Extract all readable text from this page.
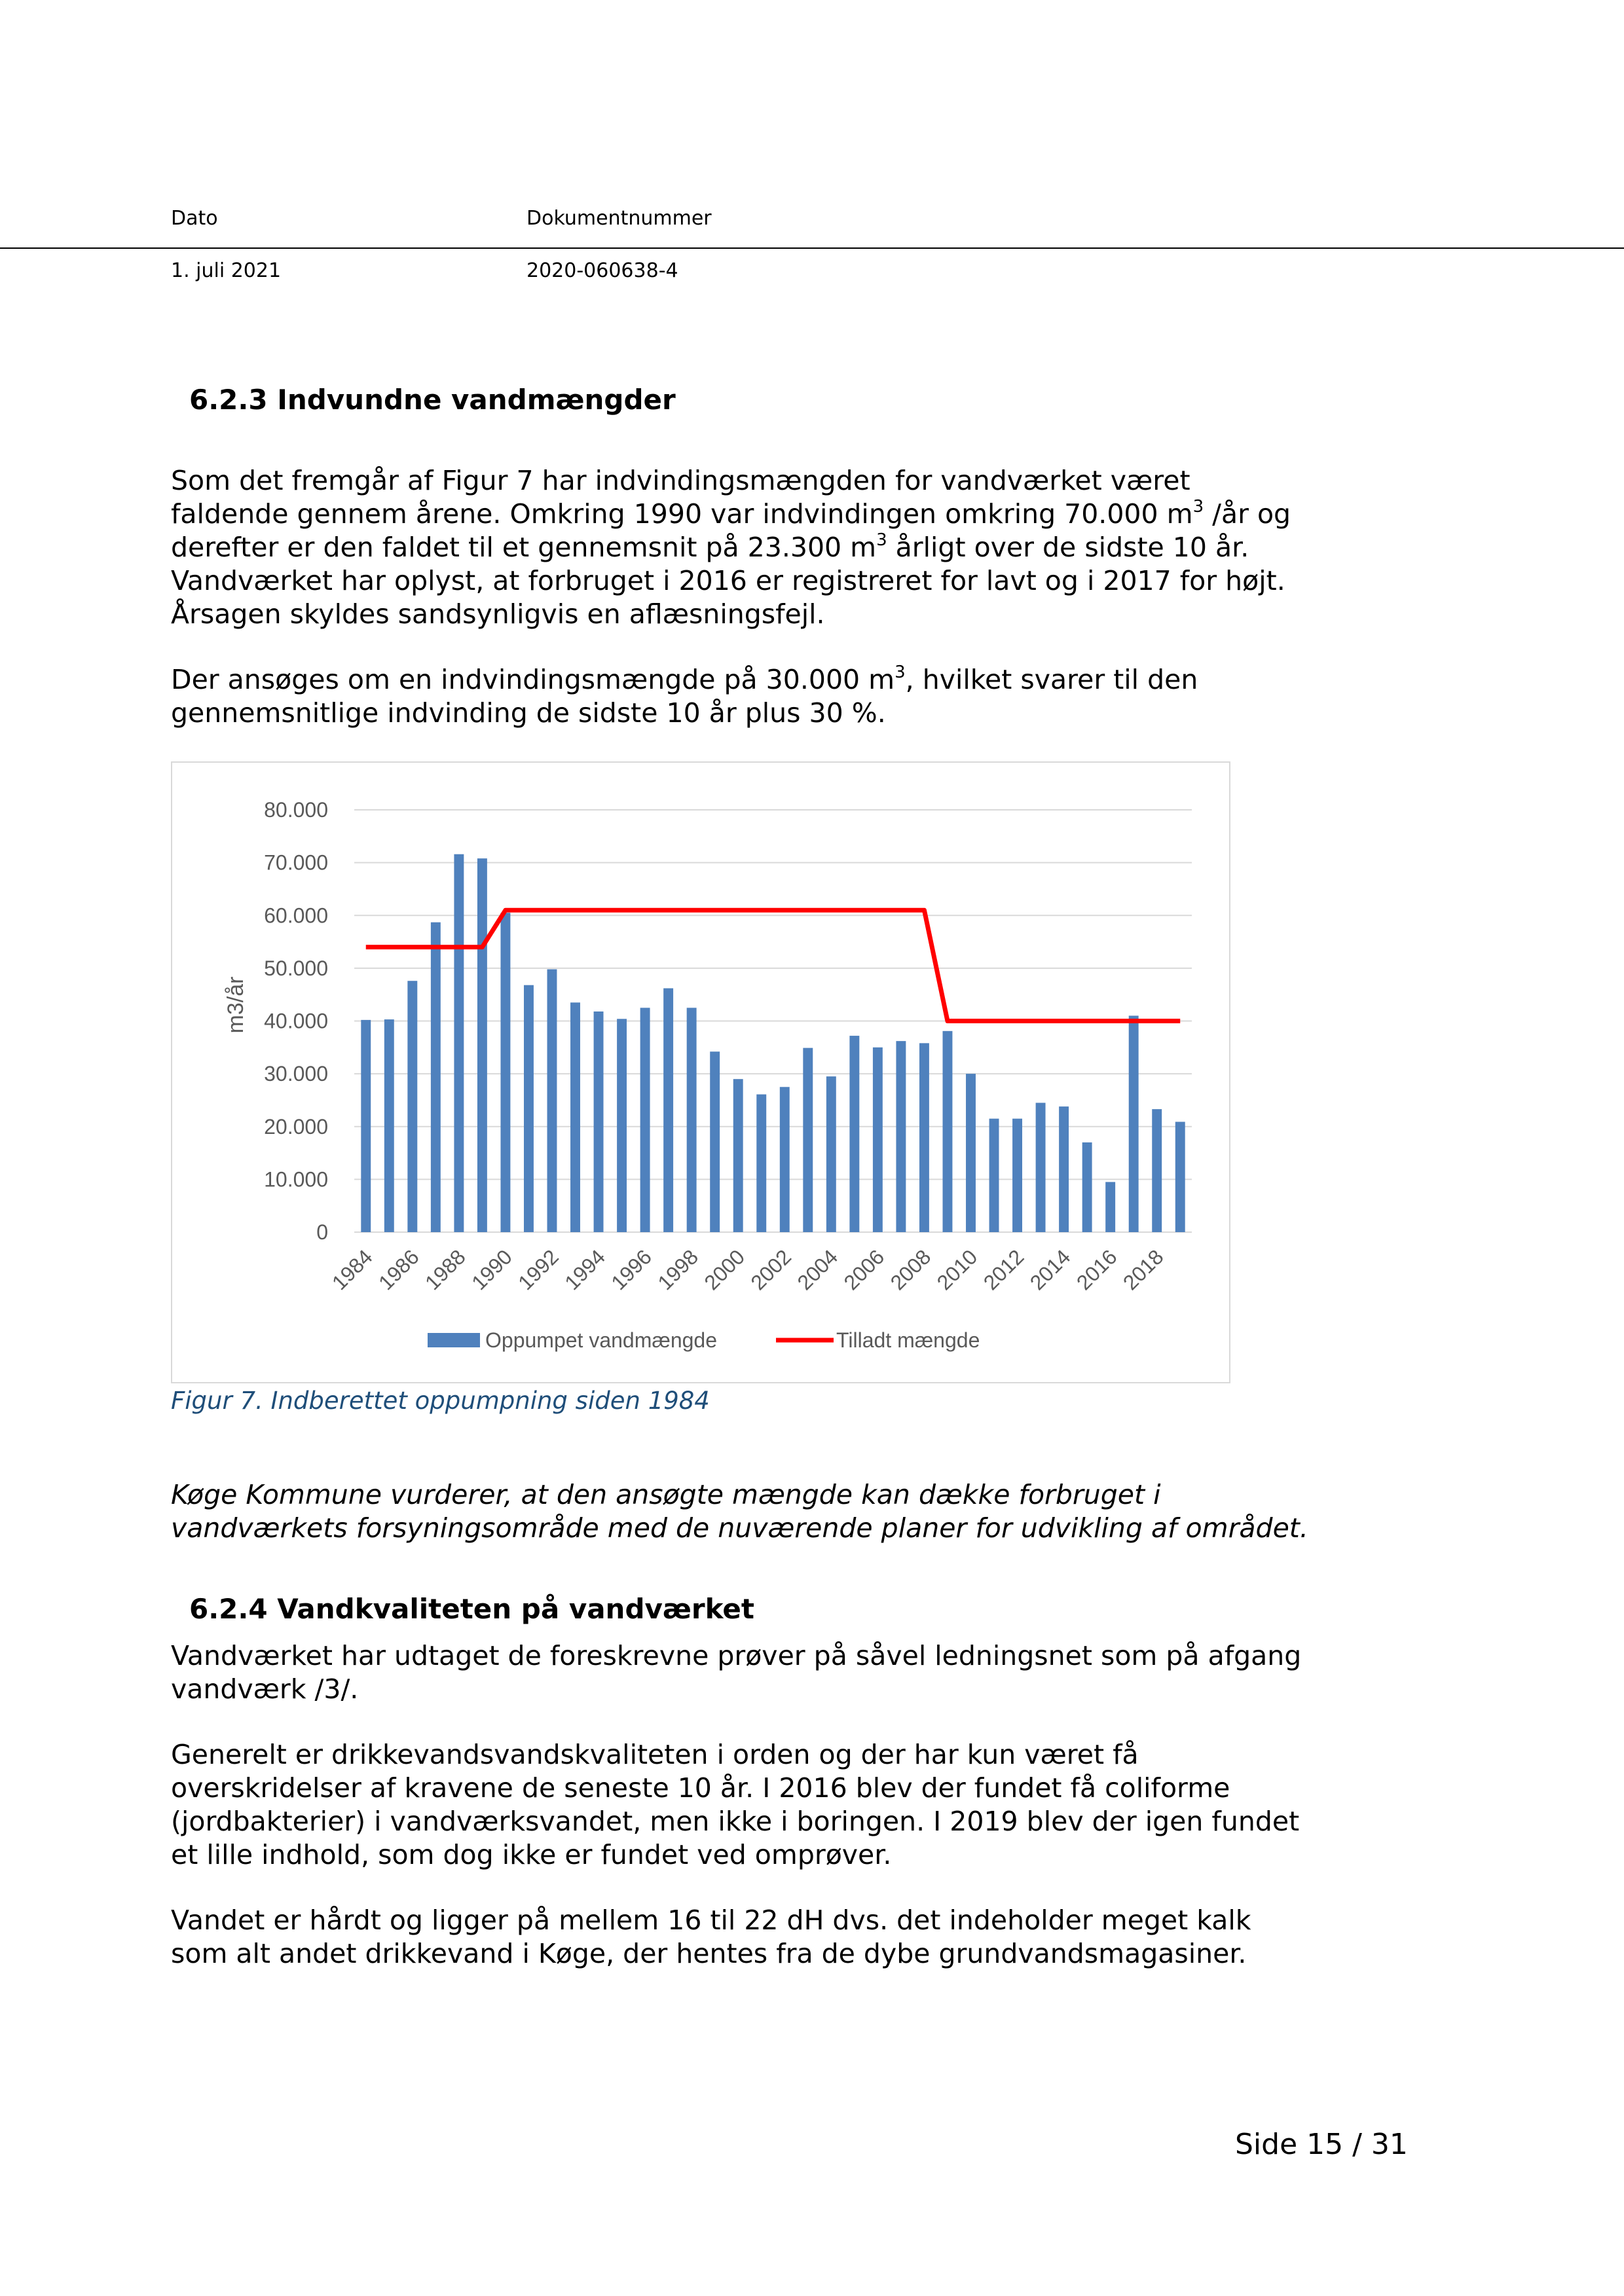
Dato	Dokumentnummer
1. juli 2021	2020-060638-4
6.2.3 Indvundne vandmængder

Som det fremgår af Figur 7 har indvindingsmængden for vandværket været

faldende gennem årene. Omkring 1990 var indvindingen omkring 70.000 $m^3$ /år og

derefter er den faldet til et gennemsnit på 23.300 $m^3$ årligt over de sidste 10 år.

Vandværket har oplyst, at forbruget i 2016 er registreret for lavt og i 2017 for højt.

Årsagen skyldes sandsynligvis en aflæsningsfejl.

Der ansøges om en indvindingsmængde på 30.000 $m^3$, hvilket svarer til den

gennemsnitlige indvinding de sidste 10 år plus 30 %.

0
10.000
20.000
30.000
40.000
50.000
60.000
70.000
80.000
1984
1986
1988
1990
1992
1994
1996
1998
2000
2002
2004
2006
2008
2010
2012
2014
2016
2018
m3/år
Oppumpet vandmængde	Tilladt mængde
Figur 7. Indberettet oppumpning siden 1984

Køge Kommune vurderer, at den ansøgte mængde kan dække forbruget i

vandværkets forsyningsområde med de nuværende planer for udvikling af området.

6.2.4 Vandkvaliteten på vandværket

Vandværket har udtaget de foreskrevne prøver på såvel ledningsnet som på afgang

vandværk /3/.

Generelt er drikkevandsvandskvaliteten i orden og der har kun været få

overskridelser af kravene de seneste 10 år. I 2016 blev der fundet få coliforme

(jordbakterier) i vandværksvandet, men ikke i boringen. I 2019 blev der igen fundet

et lille indhold, som dog ikke er fundet ved omprøver.

Vandet er hårdt og ligger på mellem 16 til 22 dH dvs. det indeholder meget kalk

som alt andet drikkevand i Køge, der hentes fra de dybe grundvandsmagasiner.

Side 15 / 31
